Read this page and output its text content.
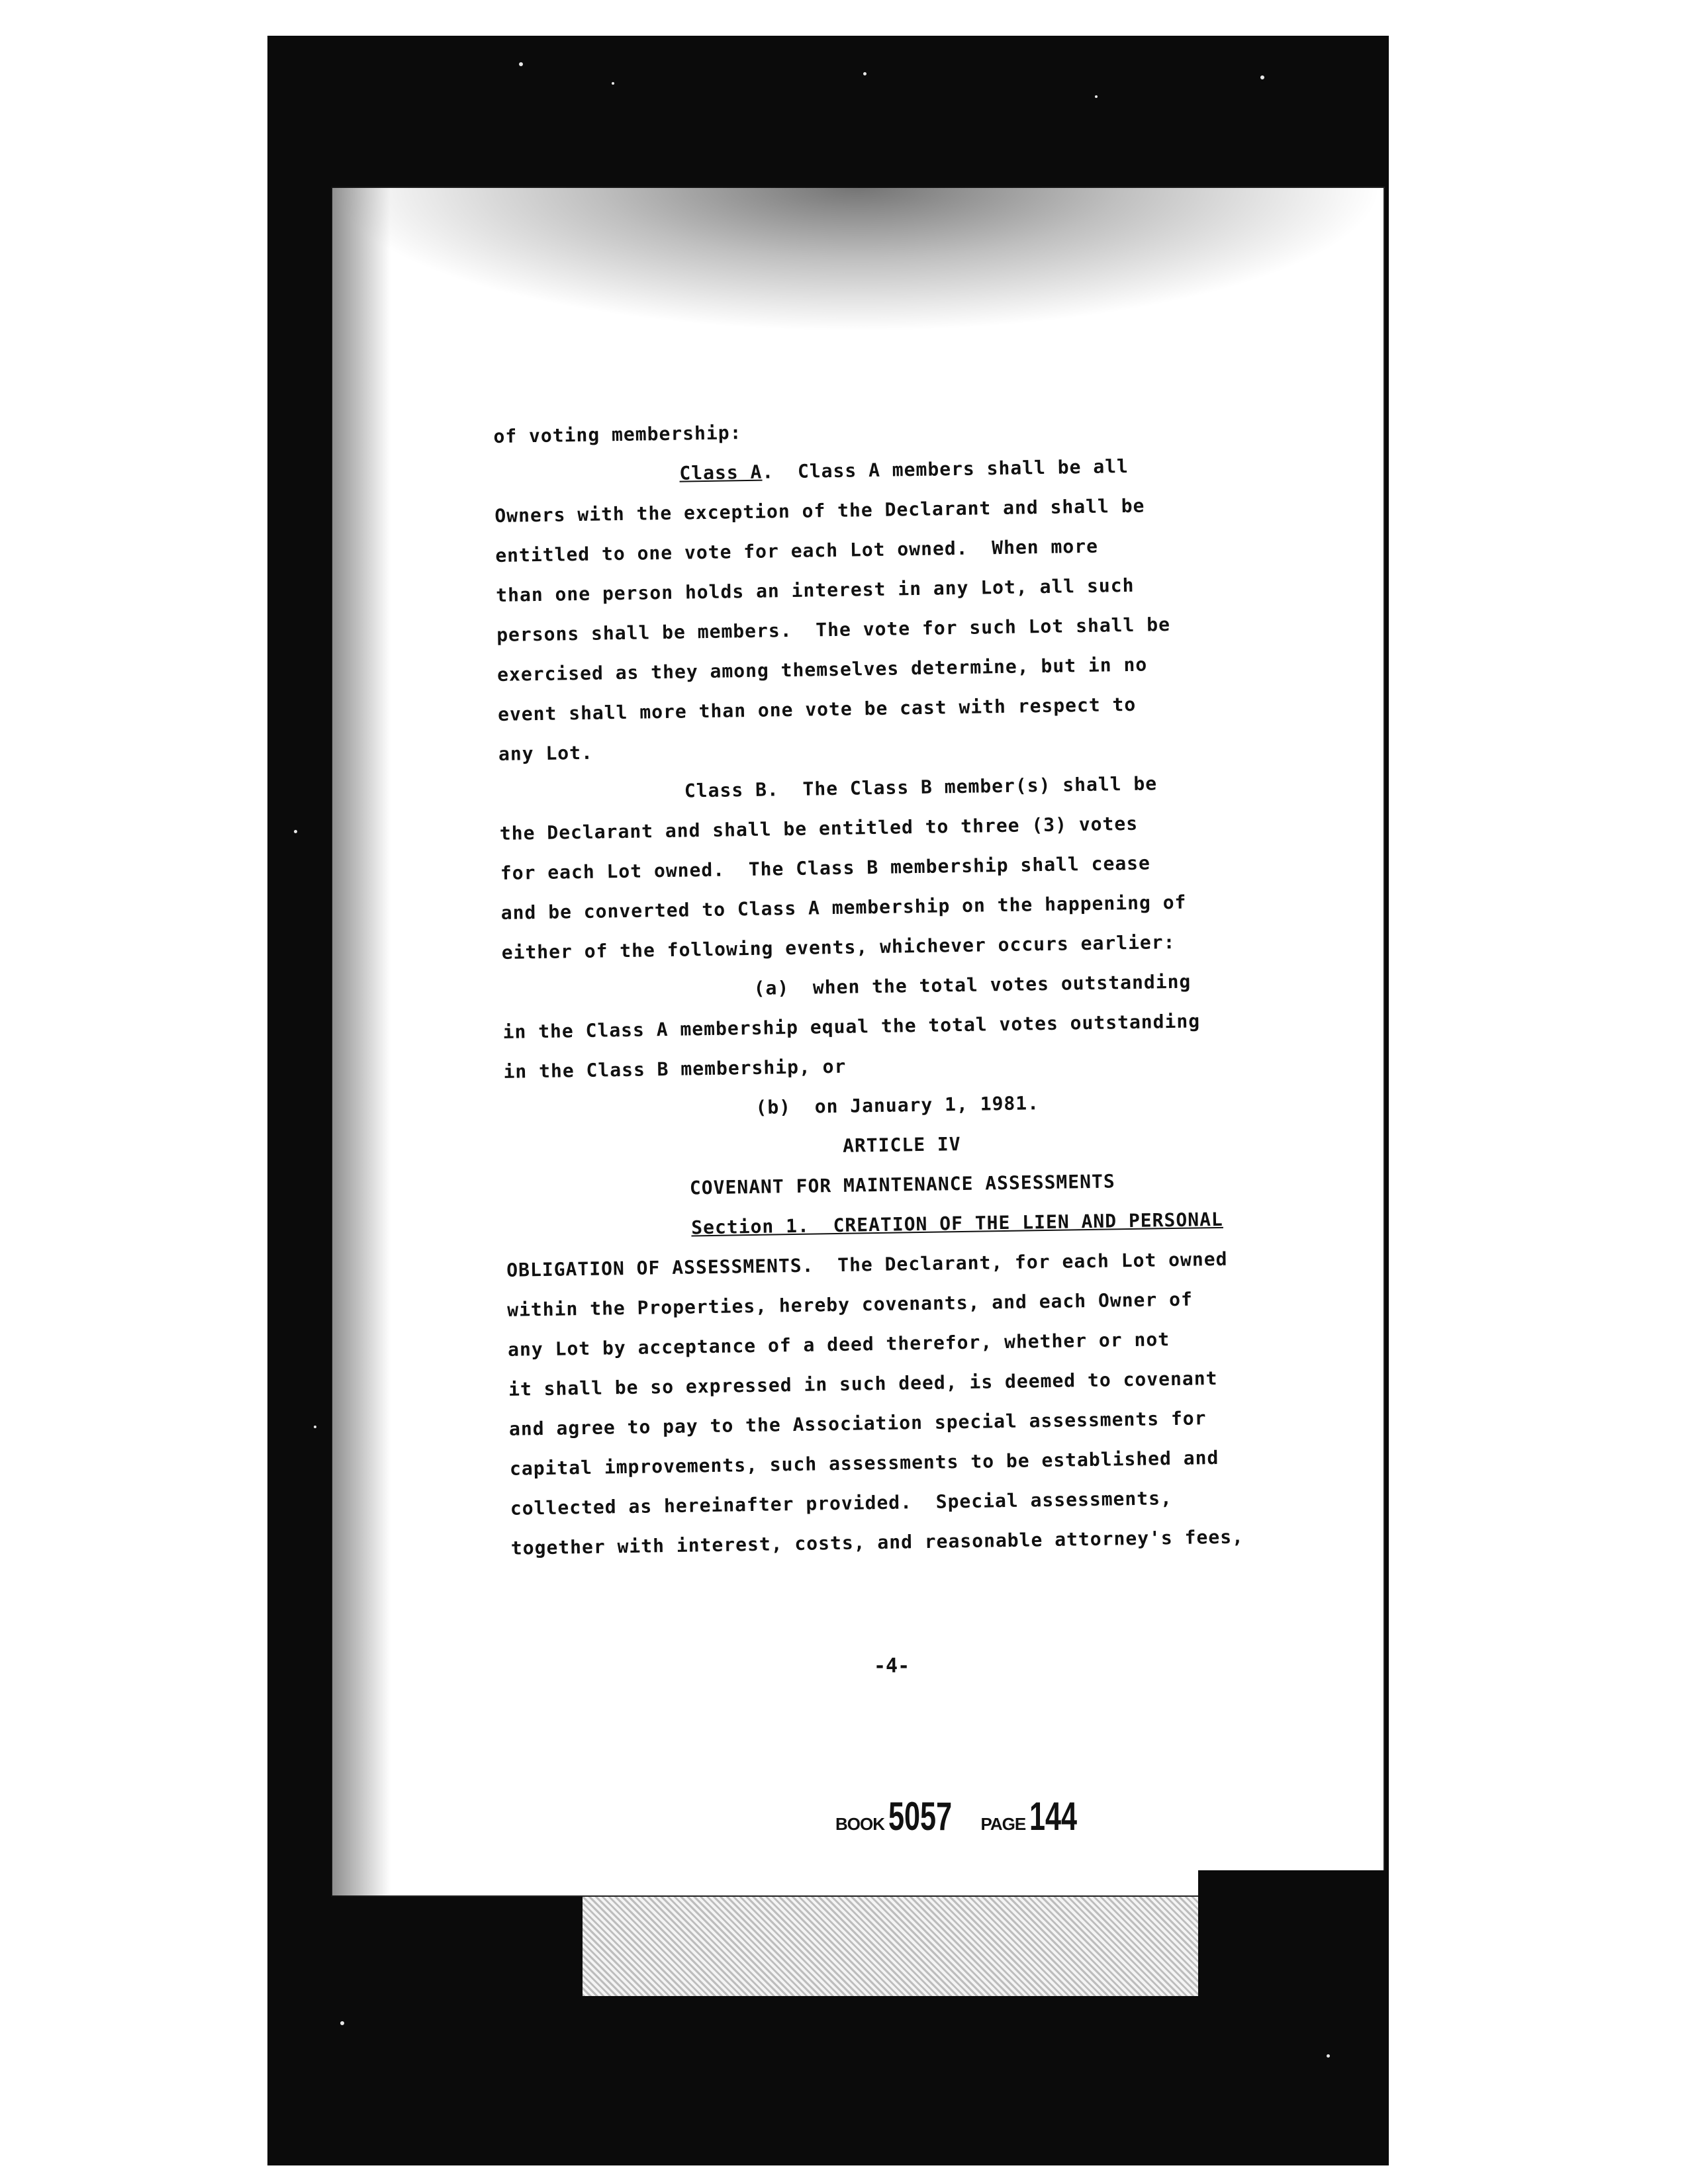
of voting membership:
Class A.  Class A members shall be all
Owners with the exception of the Declarant and shall be
entitled to one vote for each Lot owned.  When more
than one person holds an interest in any Lot, all such
persons shall be members.  The vote for such Lot shall be
exercised as they among themselves determine, but in no
event shall more than one vote be cast with respect to
any Lot.
Class B.  The Class B member(s) shall be
the Declarant and shall be entitled to three (3) votes
for each Lot owned.  The Class B membership shall cease
and be converted to Class A membership on the happening of
either of the following events, whichever occurs earlier:
(a)  when the total votes outstanding
in the Class A membership equal the total votes outstanding
in the Class B membership, or
(b)  on January 1, 1981.
ARTICLE IV
COVENANT FOR MAINTENANCE ASSESSMENTS
Section 1.  CREATION OF THE LIEN AND PERSONAL
OBLIGATION OF ASSESSMENTS.  The Declarant, for each Lot owned
within the Properties, hereby covenants, and each Owner of
any Lot by acceptance of a deed therefor, whether or not
it shall be so expressed in such deed, is deemed to covenant
and agree to pay to the Association special assessments for
capital improvements, such assessments to be established and
collected as hereinafter provided.  Special assessments,
together with interest, costs, and reasonable attorney's fees,
-4-
BOOK 5057 PAGE 144
